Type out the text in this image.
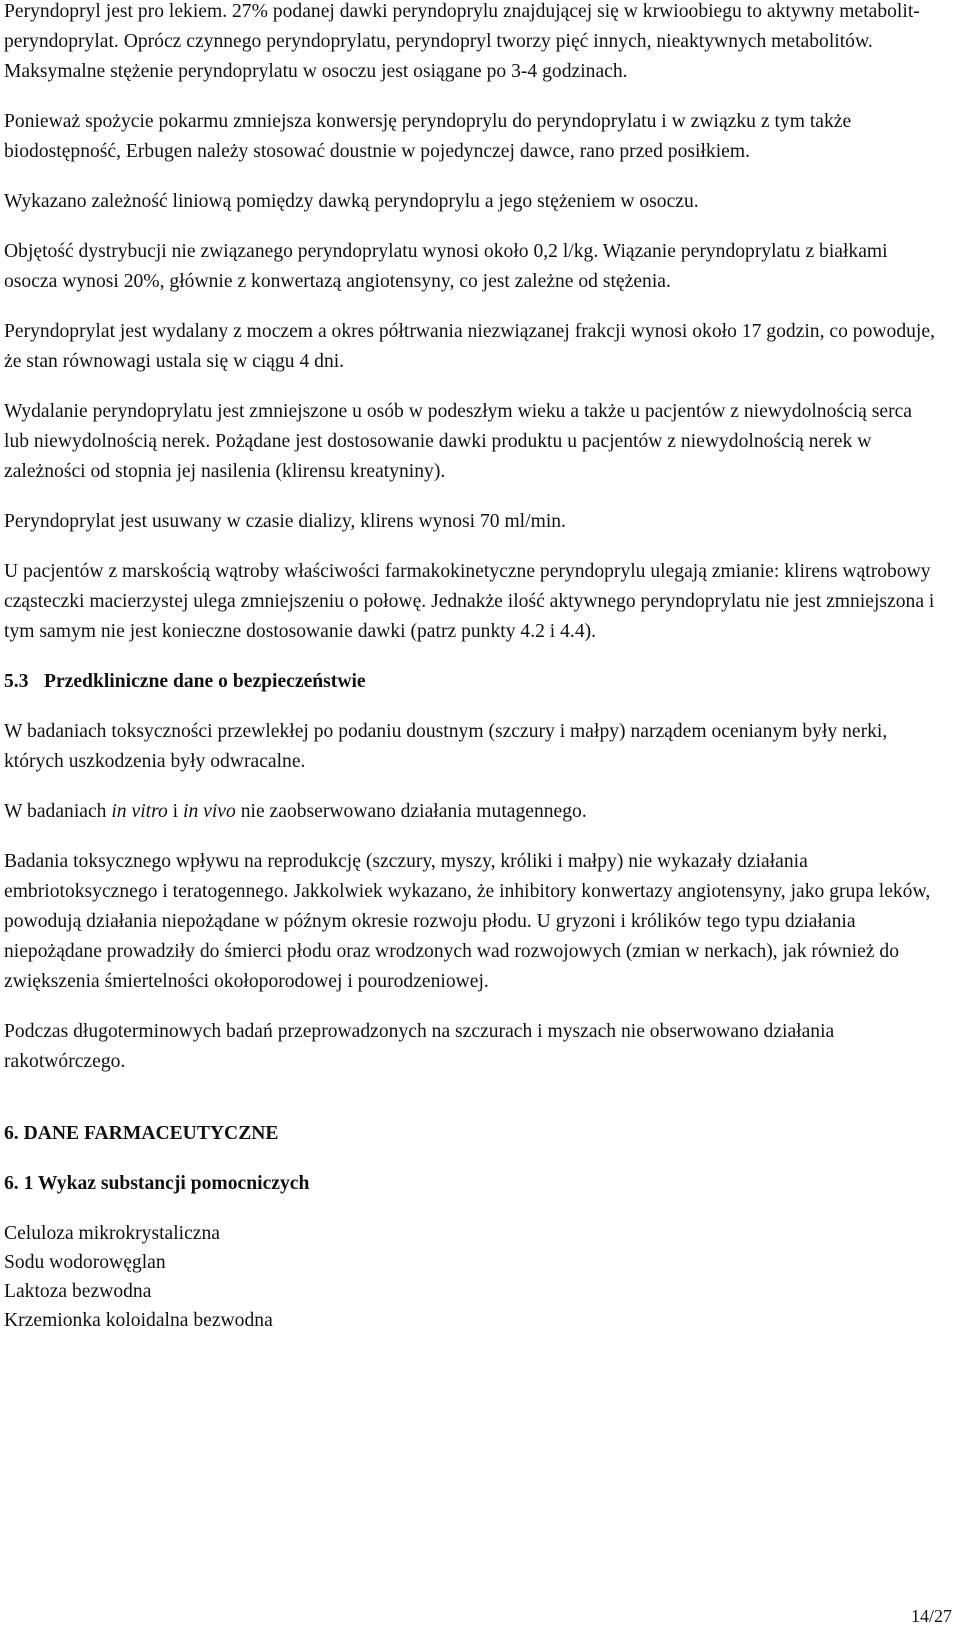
Peryndopryl jest pro lekiem. 27% podanej dawki peryndoprylu znajdującej się w krwioobiegu to aktywny metabolit-peryndoprylat. Oprócz czynnego peryndoprylatu, peryndopryl tworzy pięć innych, nieaktywnych metabolitów. Maksymalne stężenie peryndoprylatu w osoczu jest osiągane po 3-4 godzinach.

Ponieważ spożycie pokarmu zmniejsza konwersję peryndoprylu do peryndoprylatu i w związku z tym także biodostępność, Erbugen należy stosować doustnie w pojedynczej dawce, rano przed posiłkiem.

Wykazano zależność liniową pomiędzy dawką peryndoprylu a jego stężeniem w osoczu.

Objętość dystrybucji nie związanego peryndoprylatu wynosi około 0,2 l/kg. Wiązanie peryndoprylatu z białkami osocza wynosi 20%, głównie z konwertazą angiotensyny, co jest zależne od stężenia.

Peryndoprylat jest wydalany z moczem a okres półtrwania niezwiązanej frakcji wynosi około 17 godzin, co powoduje, że stan równowagi ustala się w ciągu 4 dni.

Wydalanie peryndoprylatu jest zmniejszone u osób w podeszłym wieku a także u pacjentów z niewydolnością serca lub niewydolnością nerek. Pożądane jest dostosowanie dawki produktu u pacjentów z niewydolnością nerek w zależności od stopnia jej nasilenia (klirensu kreatyniny).

Peryndoprylat jest usuwany w czasie dializy, klirens wynosi 70 ml/min.

U pacjentów z marskością wątroby właściwości farmakokinetyczne peryndoprylu ulegają zmianie: klirens wątrobowy cząsteczki macierzystej ulega zmniejszeniu o połowę. Jednakże ilość aktywnego peryndoprylatu nie jest zmniejszona i tym samym nie jest konieczne dostosowanie dawki (patrz punkty 4.2 i 4.4).

5.3 Przedkliniczne dane o bezpieczeństwie

W badaniach toksyczności przewlekłej po podaniu doustnym (szczury i małpy) narządem ocenianym były nerki, których uszkodzenia były odwracalne.

W badaniach in vitro i in vivo nie zaobserwowano działania mutagennego.

Badania toksycznego wpływu na reprodukcję (szczury, myszy, króliki i małpy) nie wykazały działania embriotoksycznego i teratogennego. Jakkolwiek wykazano, że inhibitory konwertazy angiotensyny, jako grupa leków, powodują działania niepożądane w późnym okresie rozwoju płodu. U gryzoni i królików tego typu działania niepożądane prowadziły do śmierci płodu oraz wrodzonych wad rozwojowych (zmian w nerkach), jak również do zwiększenia śmiertelności okołoporodowej i pourodzeniowej.

Podczas długoterminowych badań przeprowadzonych na szczurach i myszach nie obserwowano działania rakotwórczego.

6. DANE FARMACEUTYCZNE
6. 1 Wykaz substancji pomocniczych
Celuloza mikrokrystaliczna
Sodu wodorowęglan
Laktoza bezwodna
Krzemionka koloidalna bezwodna
14/27
